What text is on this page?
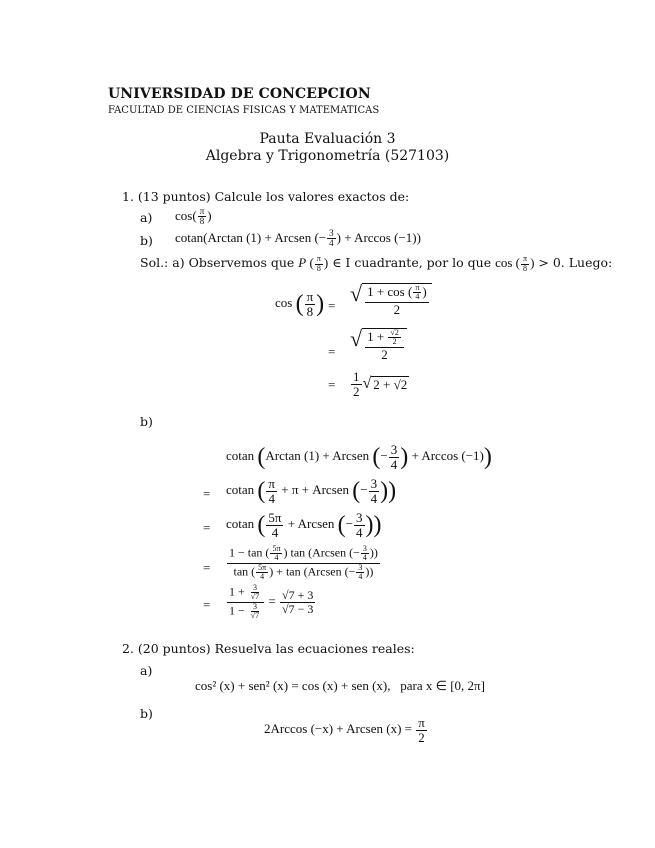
UNIVERSIDAD DE CONCEPCION
FACULTAD DE CIENCIAS FISICAS Y MATEMATICAS
Pauta Evaluación 3
Algebra y Trigonometría (527103)
1. (13 puntos) Calcule los valores exactos de:
a) $\cos( \frac{\pi}{8}$ )
b) cotan(Arctan (1) + Arcsen (− $\frac{3}{4}$ ) + Arccos (−1))
Sol.: a) Observemos que P ( $\frac{\pi}{8}$ ) ∈ I cuadrante, por lo que cos ( $\frac{\pi}{8}$ ) > 0. Luego:
cos ( $\frac{\pi}{8}$ ) = √ $\frac{1 + \cos ( \frac{\pi}{4} )}{2}$
=
√ $\frac{1 + \frac{√2}{2}}{2}$
= $\frac{1}{2}$ √ 2 + √2
b)
cotan (Arctan (1) + Arcsen (− $\frac{3}{4}$ ) + Arccos (−1))
= cotan ( $\frac{\pi}{4} + \pi$ + Arcsen (− $\frac{3}{4}$ ))
= cotan ( $\frac{5\pi}{4}$ + Arcsen (− $\frac{3}{4}$ ))
= $\frac{1 - \tan ( \frac{5\pi}{4} ) \tan (Arcsen (- \frac{3}{4} ))}{\tan ( \frac{5\pi}{4} ) + \tan (Arcsen (- \frac{3}{4} ))}$
= $\frac{1 + \frac{3}{√7}}{1 - \frac{3}{√7}} = \frac{√7 + 3}{√7 - 3}$
2. (20 puntos) Resuelva las ecuaciones reales:
a)
cos² (x) + sen² (x) = cos (x) + sen (x), para x ∈ [0, 2π]
b)
2Arccos (−x) + Arcsen $(x) = \frac{\pi}{2}$
